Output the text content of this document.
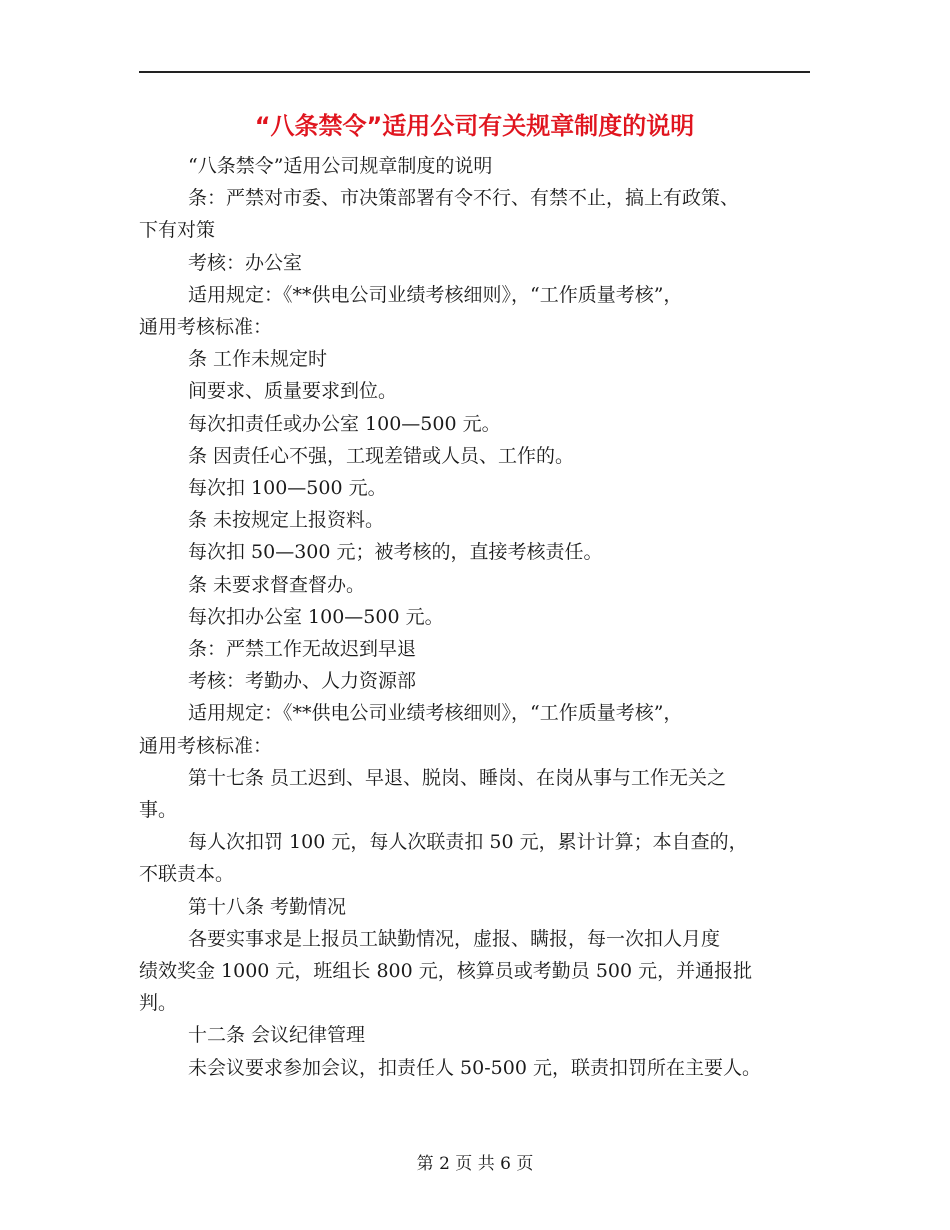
“八条禁令”适用公司有关规章制度的说明
“八条禁令”适用公司规章制度的说明
条：严禁对市委、市决策部署有令不行、有禁不止，搞上有政策、
下有对策
考核：办公室
适用规定：《**供电公司业绩考核细则》，“工作质量考核”，
通用考核标准：
条 工作未规定时
间要求、质量要求到位。
每次扣责任或办公室 100—500 元。
条 因责任心不强，工现差错或人员、工作的。
每次扣 100—500 元。
条 未按规定上报资料。
每次扣 50—300 元；被考核的，直接考核责任。
条 未要求督查督办。
每次扣办公室 100—500 元。
条：严禁工作无故迟到早退
考核：考勤办、人力资源部
适用规定：《**供电公司业绩考核细则》，“工作质量考核”，
通用考核标准：
第十七条 员工迟到、早退、脱岗、睡岗、在岗从事与工作无关之
事。
每人次扣罚 100 元，每人次联责扣 50 元，累计计算；本自查的，
不联责本。
第十八条 考勤情况
各要实事求是上报员工缺勤情况，虚报、瞒报，每一次扣人月度
绩效奖金 1000 元，班组长 800 元，核算员或考勤员 500 元，并通报批
判。
十二条 会议纪律管理
未会议要求参加会议，扣责任人 50-500 元，联责扣罚所在主要人。
第 2 页 共 6 页
